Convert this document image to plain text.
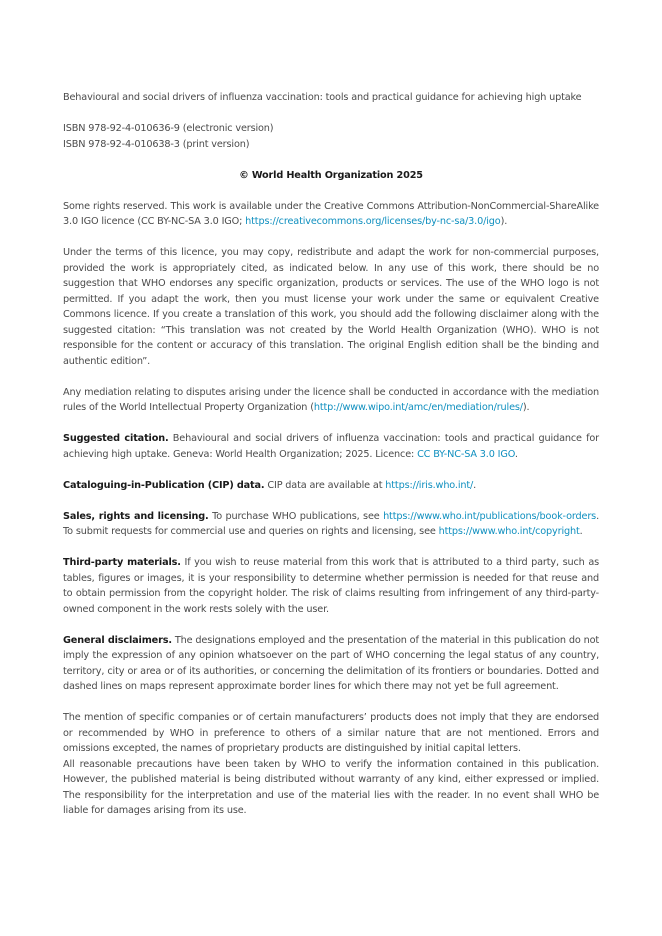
Behavioural and social drivers of influenza vaccination: tools and practical guidance for achieving high uptake

ISBN 978-92-4-010636-9 (electronic version)

ISBN 978-92-4-010638-3 (print version)

© World Health Organization 2025

Some rights reserved. This work is available under the Creative Commons Attribution-NonCommercial-ShareAlike 3.0 IGO licence (CC BY-NC-SA 3.0 IGO; https://creativecommons.org/licenses/by-nc-sa/3.0/igo).

Under the terms of this licence, you may copy, redistribute and adapt the work for non-commercial purposes, provided the work is appropriately cited, as indicated below. In any use of this work, there should be no suggestion that WHO endorses any specific organization, products or services. The use of the WHO logo is not permitted. If you adapt the work, then you must license your work under the same or equivalent Creative Commons licence. If you create a translation of this work, you should add the following disclaimer along with the suggested citation: “This translation was not created by the World Health Organization (WHO). WHO is not responsible for the content or accuracy of this translation. The original English edition shall be the binding and authentic edition”.

Any mediation relating to disputes arising under the licence shall be conducted in accordance with the mediation rules of the World Intellectual Property Organization (http://www.wipo.int/amc/en/mediation/rules/).

Suggested citation. Behavioural and social drivers of influenza vaccination: tools and practical guidance for achieving high uptake. Geneva: World Health Organization; 2025. Licence: CC BY-NC-SA 3.0 IGO.

Cataloguing-in-Publication (CIP) data. CIP data are available at https://iris.who.int/.

Sales, rights and licensing. To purchase WHO publications, see https://www.who.int/publications/book-orders. To submit requests for commercial use and queries on rights and licensing, see https://www.who.int/copyright.

Third-party materials. If you wish to reuse material from this work that is attributed to a third party, such as tables, figures or images, it is your responsibility to determine whether permission is needed for that reuse and to obtain permission from the copyright holder. The risk of claims resulting from infringement of any third-party-owned component in the work rests solely with the user.

General disclaimers. The designations employed and the presentation of the material in this publication do not imply the expression of any opinion whatsoever on the part of WHO concerning the legal status of any country, territory, city or area or of its authorities, or concerning the delimitation of its frontiers or boundaries. Dotted and dashed lines on maps represent approximate border lines for which there may not yet be full agreement.

The mention of specific companies or of certain manufacturers’ products does not imply that they are endorsed or recommended by WHO in preference to others of a similar nature that are not mentioned. Errors and omissions excepted, the names of proprietary products are distinguished by initial capital letters.

All reasonable precautions have been taken by WHO to verify the information contained in this publication. However, the published material is being distributed without warranty of any kind, either expressed or implied. The responsibility for the interpretation and use of the material lies with the reader. In no event shall WHO be liable for damages arising from its use.
